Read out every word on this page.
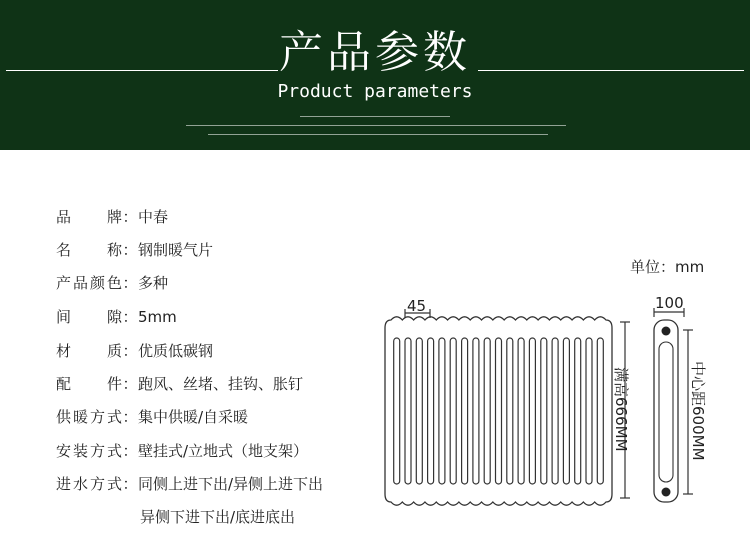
产品参数
Product parameters
品牌：中春
名称：钢制暖气片
产品颜色：多种
间隙：5mm
材质：优质低碳钢
配件：跑风、丝堵、挂钩、胀钉
供暖方式：集中供暖/自采暖
安装方式：壁挂式/立地式（地支架）
进水方式：同侧上进下出/异侧上进下出
异侧下进下出/底进底出
单位：mm
45	100
满高666MM	中心距600MM
